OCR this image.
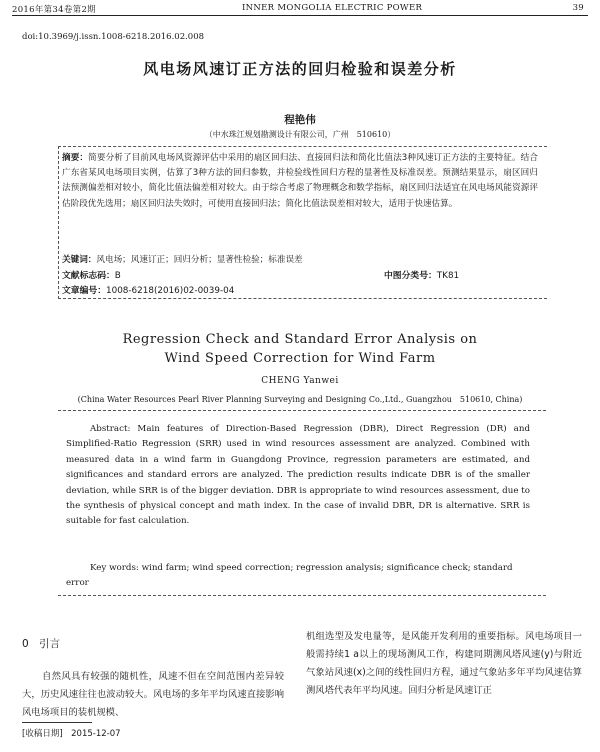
2016年第34卷第2期	INNER MONGOLIA ELECTRIC POWER	39
doi:10.3969/j.issn.1008-6218.2016.02.008
风电场风速订正方法的回归检验和误差分析
程艳伟
（中水珠江规划勘测设计有限公司，广州　510610）
摘要：简要分析了目前风电场风资源评估中采用的扇区回归法、直接回归法和简化比值法3种风速订正方法的主要特征。结合广东省某风电场项目实例，估算了3种方法的回归参数，并检验线性回归方程的显著性及标准误差。预测结果显示，扇区回归法预测偏差相对较小，简化比值法偏差相对较大。由于综合考虑了物理概念和数学指标，扇区回归法适宜在风电场风能资源评估阶段优先选用；扇区回归法失效时，可使用直接回归法；简化比值法误差相对较大，适用于快速估算。
关键词：风电场；风速订正；回归分析；显著性检验；标准误差
文献标志码：B	中图分类号：TK81
文章编号：1008-6218(2016)02-0039-04
Regression Check and Standard Error Analysis on
Wind Speed Correction for Wind Farm
CHENG Yanwei
(China Water Resources Pearl River Planning Surveying and Designing Co.,Ltd., Guangzhou　510610, China)
Abstract: Main features of Direction-Based Regression (DBR), Direct Regression (DR) and Simplified-Ratio Regression (SRR) used in wind resources assessment are analyzed. Combined with measured data in a wind farm in Guangdong Province, regression parameters are estimated, and significances and standard errors are analyzed. The prediction results indicate DBR is of the smaller deviation, while SRR is of the bigger deviation. DBR is appropriate to wind resources assessment, due to the synthesis of physical concept and math index. In the case of invalid DBR, DR is alternative. SRR is suitable for fast calculation.
Key words: wind farm; wind speed correction; regression analysis; significance check; standard error
0　引言
自然风具有较强的随机性，风速不但在空间范围内差异较大，历史风速往往也波动较大。风电场的多年平均风速直接影响风电场项目的装机规模、
机组选型及发电量等，是风能开发利用的重要指标。风电场项目一般需持续1 a以上的现场测风工作，构建同期测风塔风速(y)与附近气象站风速(x)之间的线性回归方程，通过气象站多年平均风速估算测风塔代表年平均风速。回归分析是风速订正
[收稿日期]　2015-12-07
